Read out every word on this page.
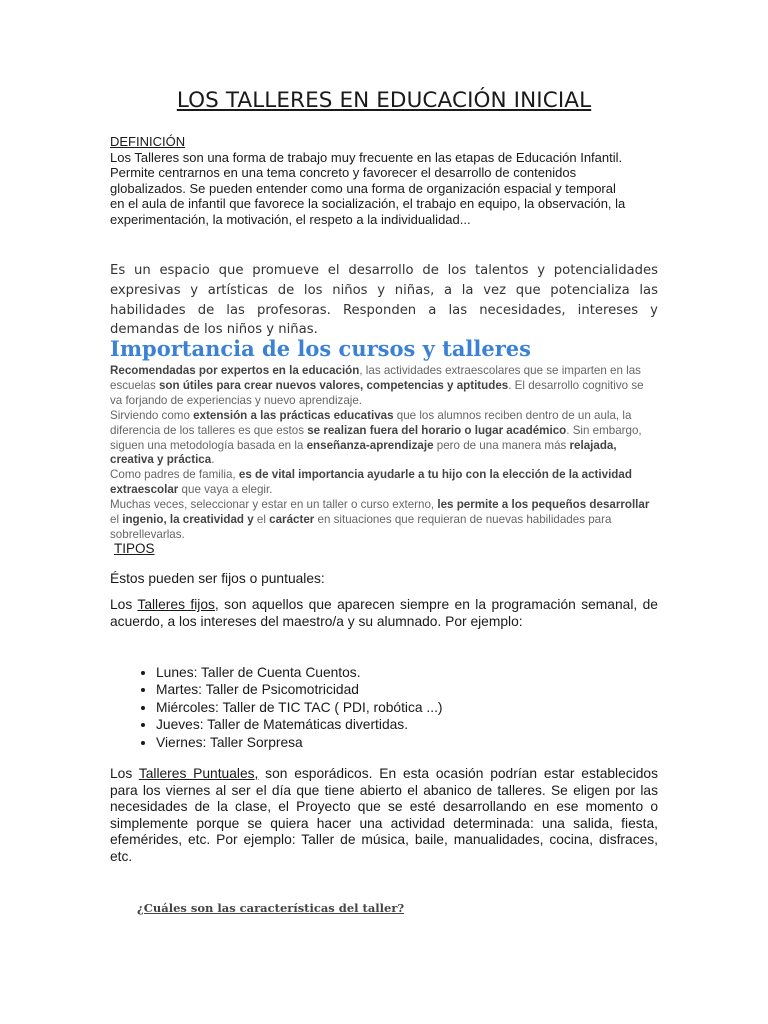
LOS TALLERES EN EDUCACIÓN INICIAL
DEFINICIÓN
Los Talleres son una forma de trabajo muy frecuente en las etapas de Educación Infantil. Permite centrarnos en una tema concreto y favorecer el desarrollo de contenidos globalizados. Se pueden entender como una forma de organización espacial y temporal en el aula de infantil que favorece la socialización, el trabajo en equipo, la observación, la experimentación, la motivación, el respeto a la individualidad...
Es un espacio que promueve el desarrollo de los talentos y potencialidades expresivas y artísticas de los niños y niñas, a la vez que potencializa las habilidades de las profesoras. Responden a las necesidades, intereses y demandas de los niños y niñas.
Importancia de los cursos y talleres
Recomendadas por expertos en la educación, las actividades extraescolares que se imparten en las escuelas son útiles para crear nuevos valores, competencias y aptitudes. El desarrollo cognitivo se va forjando de experiencias y nuevo aprendizaje.
Sirviendo como extensión a las prácticas educativas que los alumnos reciben dentro de un aula, la diferencia de los talleres es que estos se realizan fuera del horario o lugar académico. Sin embargo, siguen una metodología basada en la enseñanza-aprendizaje pero de una manera más relajada, creativa y práctica.
Como padres de familia, es de vital importancia ayudarle a tu hijo con la elección de la actividad extraescolar que vaya a elegir.
Muchas veces, seleccionar y estar en un taller o curso externo, les permite a los pequeños desarrollar el ingenio, la creatividad y el carácter en situaciones que requieran de nuevas habilidades para sobrellevarlas.
TIPOS
Éstos pueden ser fijos o puntuales:
Los Talleres fijos, son aquellos que aparecen siempre en la programación semanal, de acuerdo, a los intereses del maestro/a y su alumnado. Por ejemplo:
• Lunes: Taller de Cuenta Cuentos.
• Martes: Taller de Psicomotricidad
• Miércoles: Taller de TIC TAC ( PDI, robótica ...)
• Jueves: Taller de Matemáticas divertidas.
• Viernes: Taller Sorpresa
Los Talleres Puntuales, son esporádicos. En esta ocasión podrían estar establecidos para los viernes al ser el día que tiene abierto el abanico de talleres. Se eligen por las necesidades de la clase, el Proyecto que se esté desarrollando en ese momento o simplemente porque se quiera hacer una actividad determinada: una salida, fiesta, efemérides, etc. Por ejemplo: Taller de música, baile, manualidades, cocina, disfraces, etc.
¿Cuáles son las características del taller?
